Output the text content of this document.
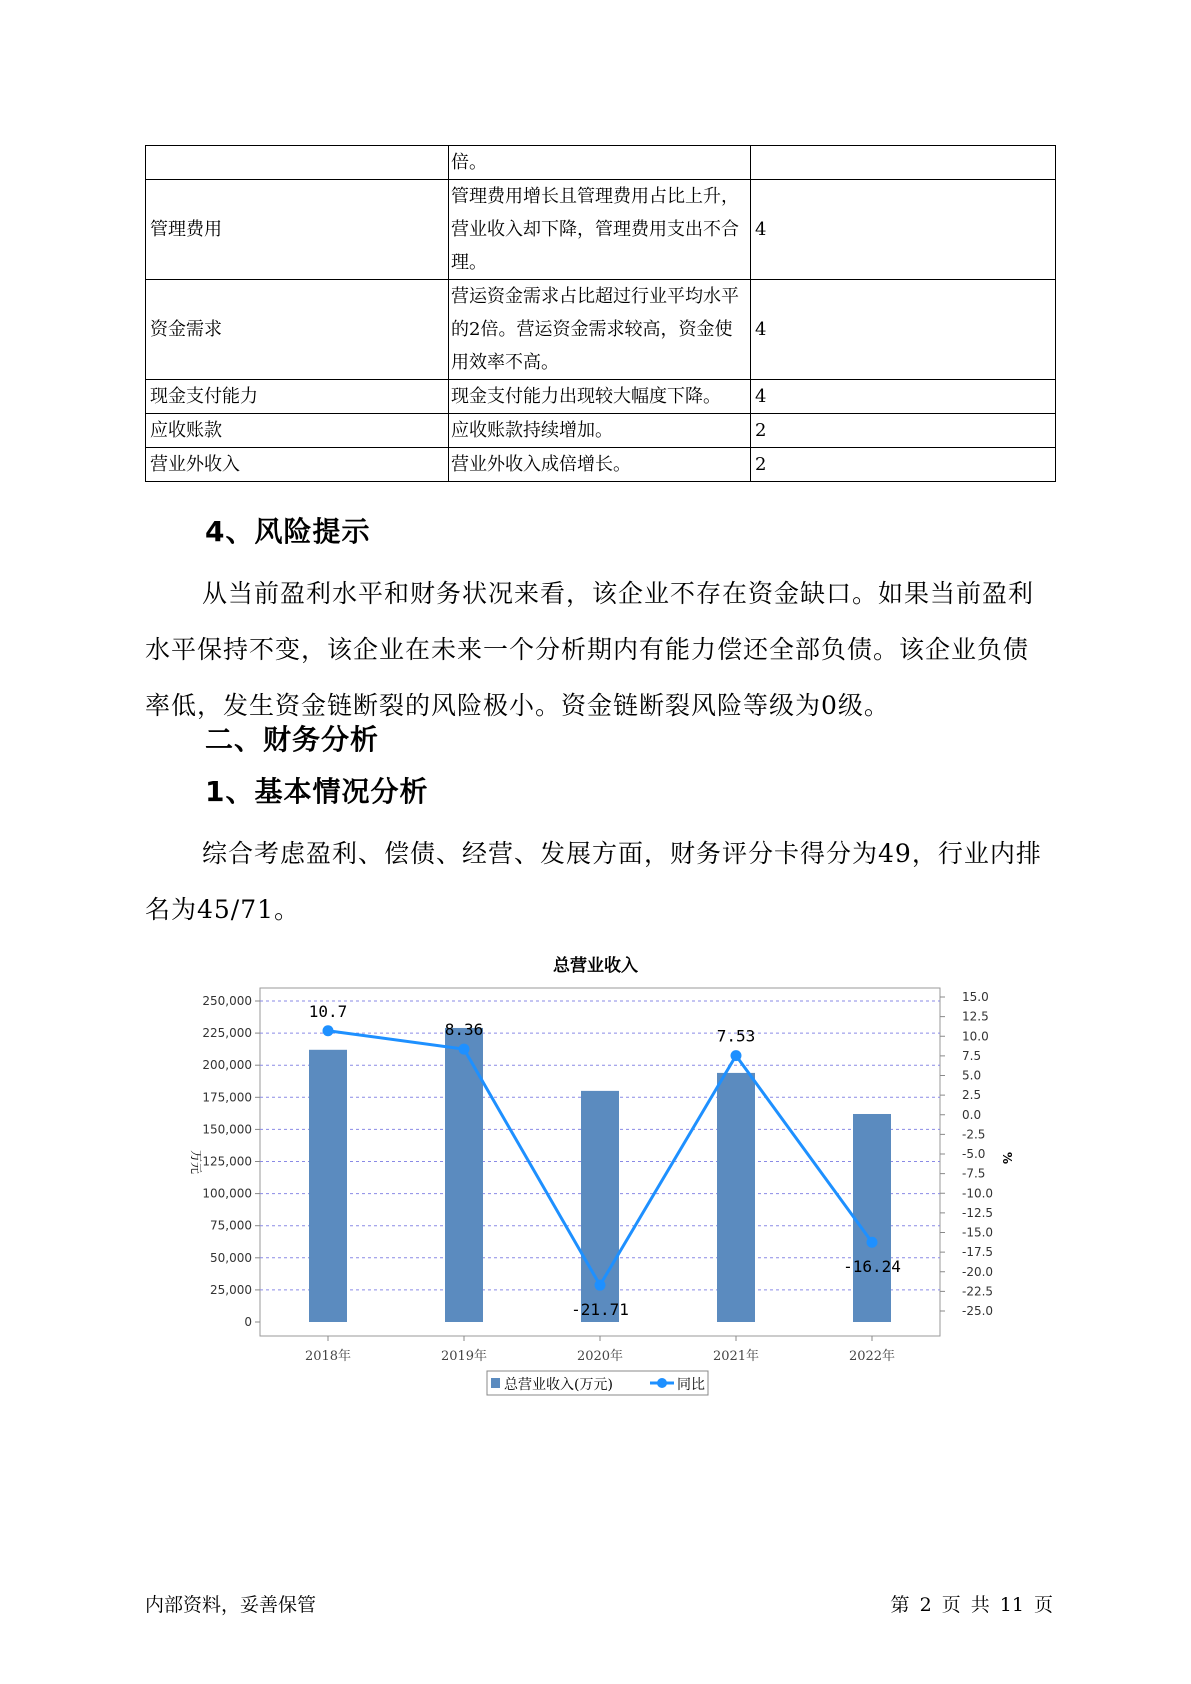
	倍。	
管理费用	管理费用增长且管理费用占比上升，营业收入却下降，管理费用支出不合理。	4
资金需求	营运资金需求占比超过行业平均水平的2倍。营运资金需求较高，资金使用效率不高。	4
现金支付能力	现金支付能力出现较大幅度下降。	4
应收账款	应收账款持续增加。	2
营业外收入	营业外收入成倍增长。	2
4、风险提示

从当前盈利水平和财务状况来看，该企业不存在资金缺口。如果当前盈利水平保持不变，该企业在未来一个分析期内有能力偿还全部负债。该企业负债率低，发生资金链断裂的风险极小。资金链断裂风险等级为0级。

二、财务分析
1、基本情况分析

综合考虑盈利、偿债、经营、发展方面，财务评分卡得分为49，行业内排名为45/71。

总营业收入
0
25,000
50,000
75,000
100,000
125,000
150,000
175,000
200,000
225,000
250,000
万元
15.0
12.5
10.0
7.5
5.0
2.5
0.0
-2.5
-5.0
-7.5
-10.0
-12.5
-15.0
-17.5
-20.0
-22.5
-25.0
%
2018年	2019年	2020年	2021年	2022年
10.7
8.36
-21.71
7.53
-16.24
总营业收入(万元)	同比
内部资料，妥善保管	第 2 页 共 11 页
